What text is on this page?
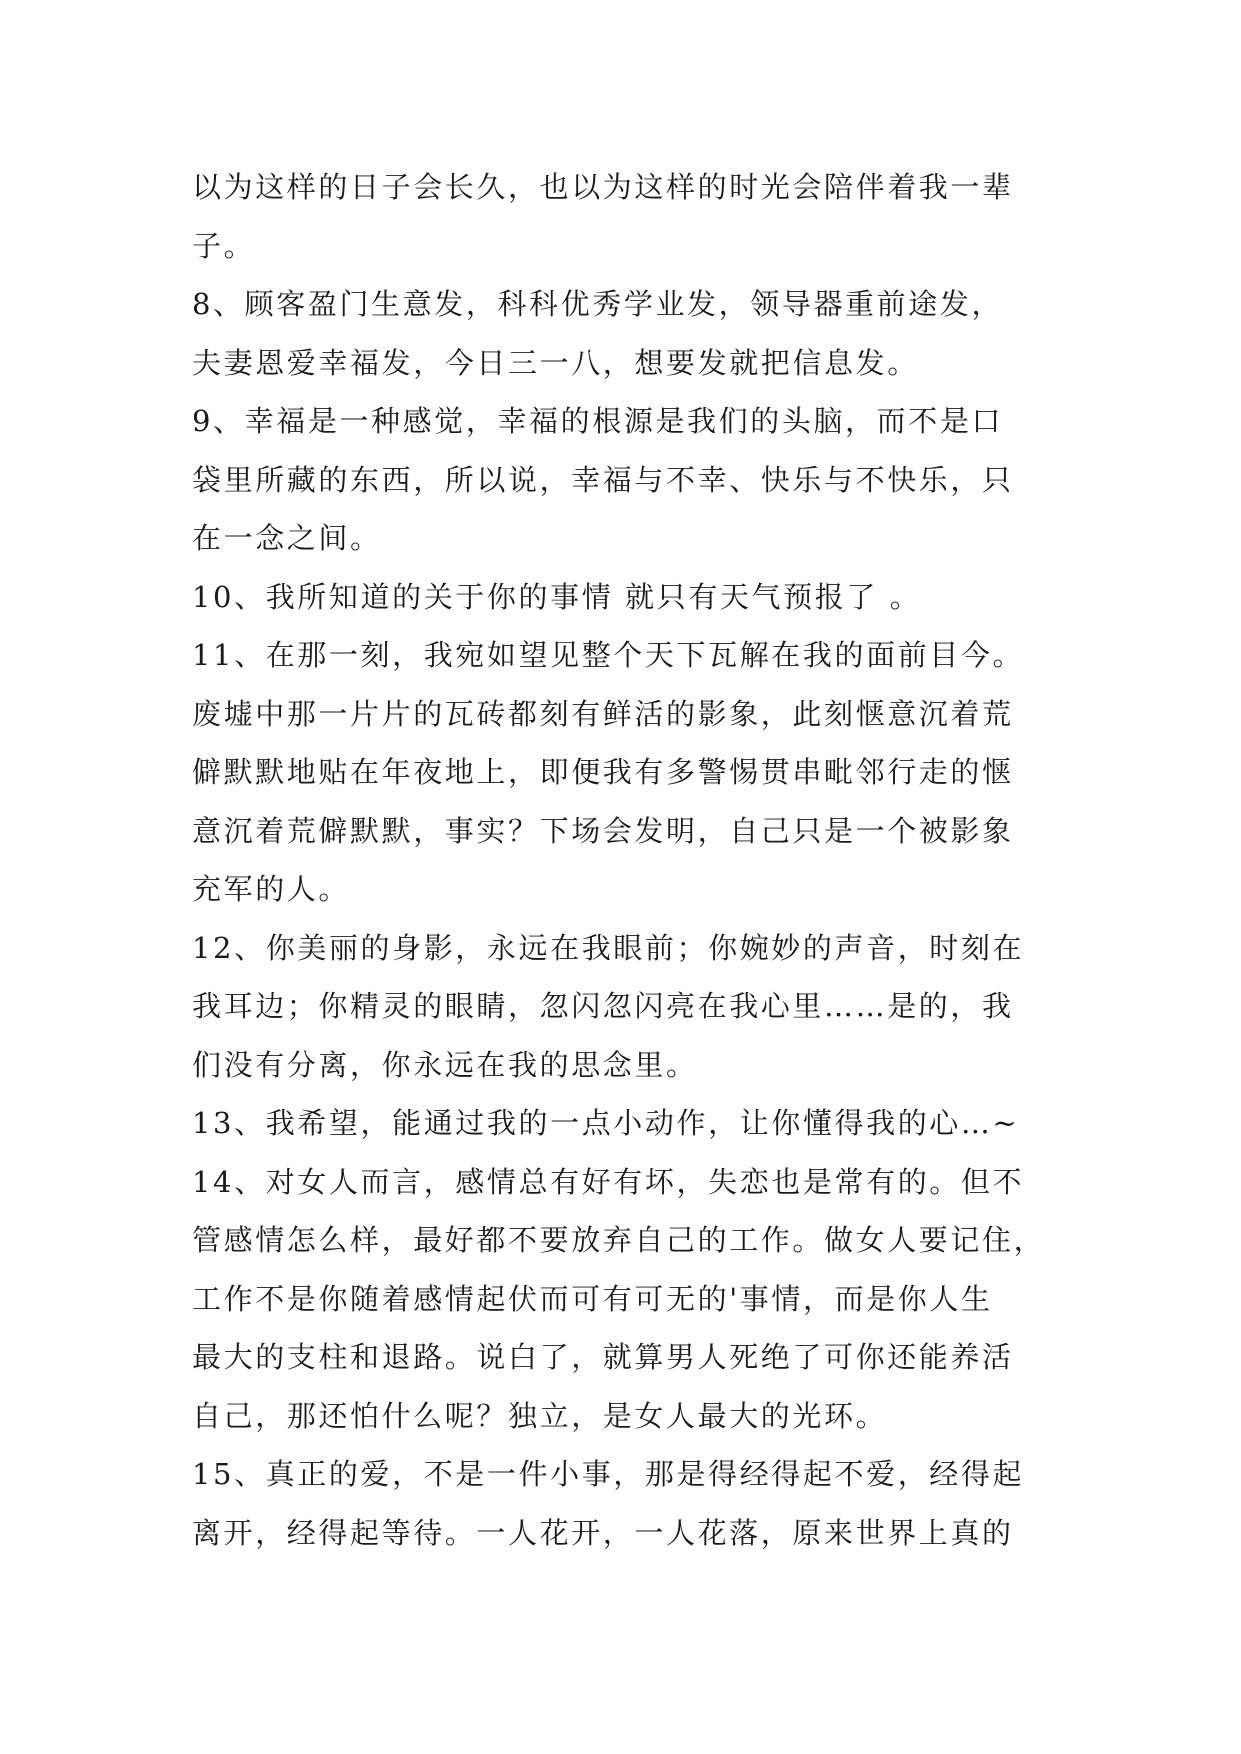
以为这样的日子会长久，也以为这样的时光会陪伴着我一辈
子。
8、顾客盈门生意发，科科优秀学业发，领导器重前途发，
夫妻恩爱幸福发，今日三一八，想要发就把信息发。
9、幸福是一种感觉，幸福的根源是我们的头脑，而不是口
袋里所藏的东西，所以说，幸福与不幸、快乐与不快乐，只
在一念之间。
10、我所知道的关于你的事情 就只有天气预报了 。
11、在那一刻，我宛如望见整个天下瓦解在我的面前目今。
废墟中那一片片的瓦砖都刻有鲜活的影象，此刻惬意沉着荒
僻默默地贴在年夜地上，即便我有多警惕贯串毗邻行走的惬
意沉着荒僻默默，事实？下场会发明，自己只是一个被影象
充军的人。
12、你美丽的身影，永远在我眼前；你婉妙的声音，时刻在
我耳边；你精灵的眼睛，忽闪忽闪亮在我心里……是的，我
们没有分离，你永远在我的思念里。
13、我希望，能通过我的一点小动作，让你懂得我的心…~
14、对女人而言，感情总有好有坏，失恋也是常有的。但不
管感情怎么样，最好都不要放弃自己的工作。做女人要记住，
工作不是你随着感情起伏而可有可无的'事情，而是你人生
最大的支柱和退路。说白了，就算男人死绝了可你还能养活
自己，那还怕什么呢？独立，是女人最大的光环。
15、真正的爱，不是一件小事，那是得经得起不爱，经得起
离开，经得起等待。一人花开，一人花落，原来世界上真的
